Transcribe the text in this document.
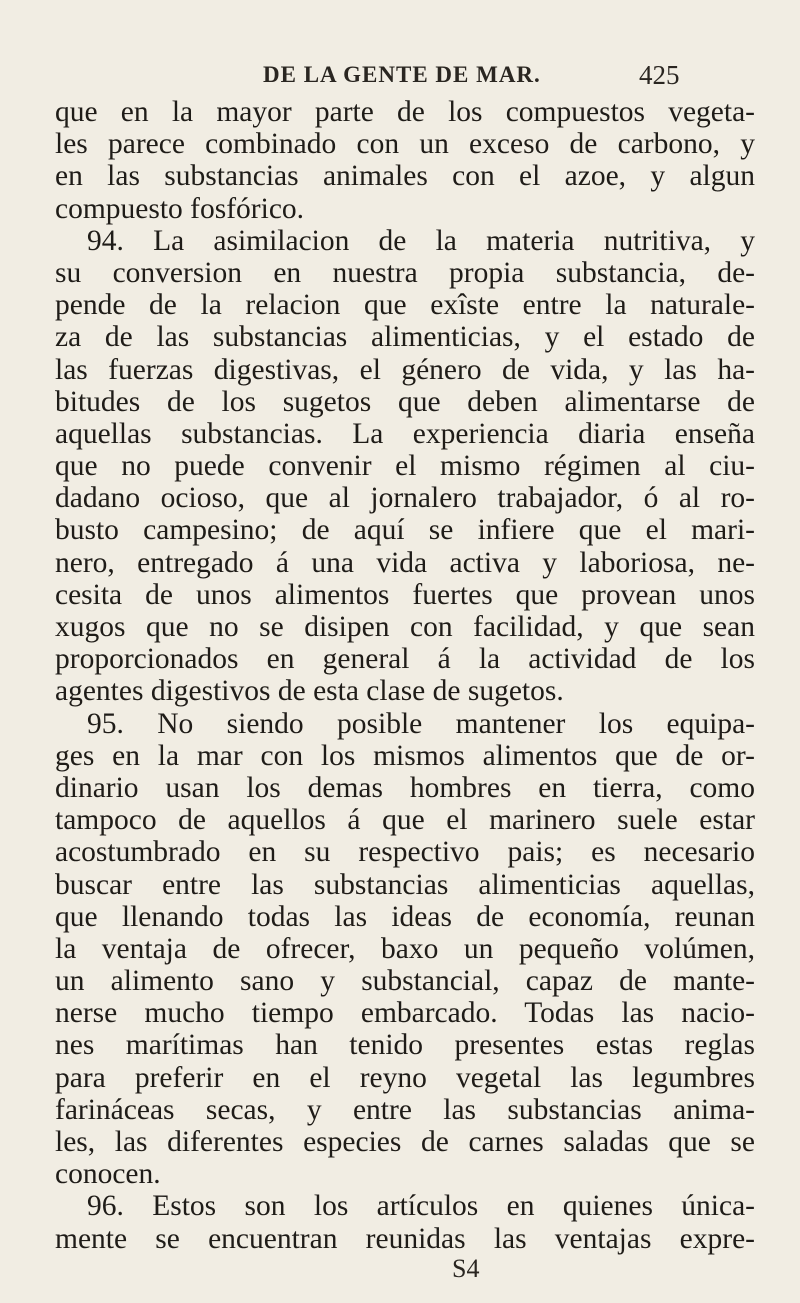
DE LA GENTE DE MAR.	425
que en la mayor parte de los compuestos vegeta-
les parece combinado con un exceso de carbono, y
en las substancias animales con el azoe, y algun
compuesto fosfórico.
94. La asimilacion de la materia nutritiva, y
su conversion en nuestra propia substancia, de-
pende de la relacion que exîste entre la naturale-
za de las substancias alimenticias, y el estado de
las fuerzas digestivas, el género de vida, y las ha-
bitudes de los sugetos que deben alimentarse de
aquellas substancias. La experiencia diaria enseña
que no puede convenir el mismo régimen al ciu-
dadano ocioso, que al jornalero trabajador, ó al ro-
busto campesino; de aquí se infiere que el mari-
nero, entregado á una vida activa y laboriosa, ne-
cesita de unos alimentos fuertes que provean unos
xugos que no se disipen con facilidad, y que sean
proporcionados en general á la actividad de los
agentes digestivos de esta clase de sugetos.
95. No siendo posible mantener los equipa-
ges en la mar con los mismos alimentos que de or-
dinario usan los demas hombres en tierra, como
tampoco de aquellos á que el marinero suele estar
acostumbrado en su respectivo pais; es necesario
buscar entre las substancias alimenticias aquellas,
que llenando todas las ideas de economía, reunan
la ventaja de ofrecer, baxo un pequeño volúmen,
un alimento sano y substancial, capaz de mante-
nerse mucho tiempo embarcado. Todas las nacio-
nes marítimas han tenido presentes estas reglas
para preferir en el reyno vegetal las legumbres
farináceas secas, y entre las substancias anima-
les, las diferentes especies de carnes saladas que se
conocen.
96. Estos son los artículos en quienes única-
mente se encuentran reunidas las ventajas expre-
S4
